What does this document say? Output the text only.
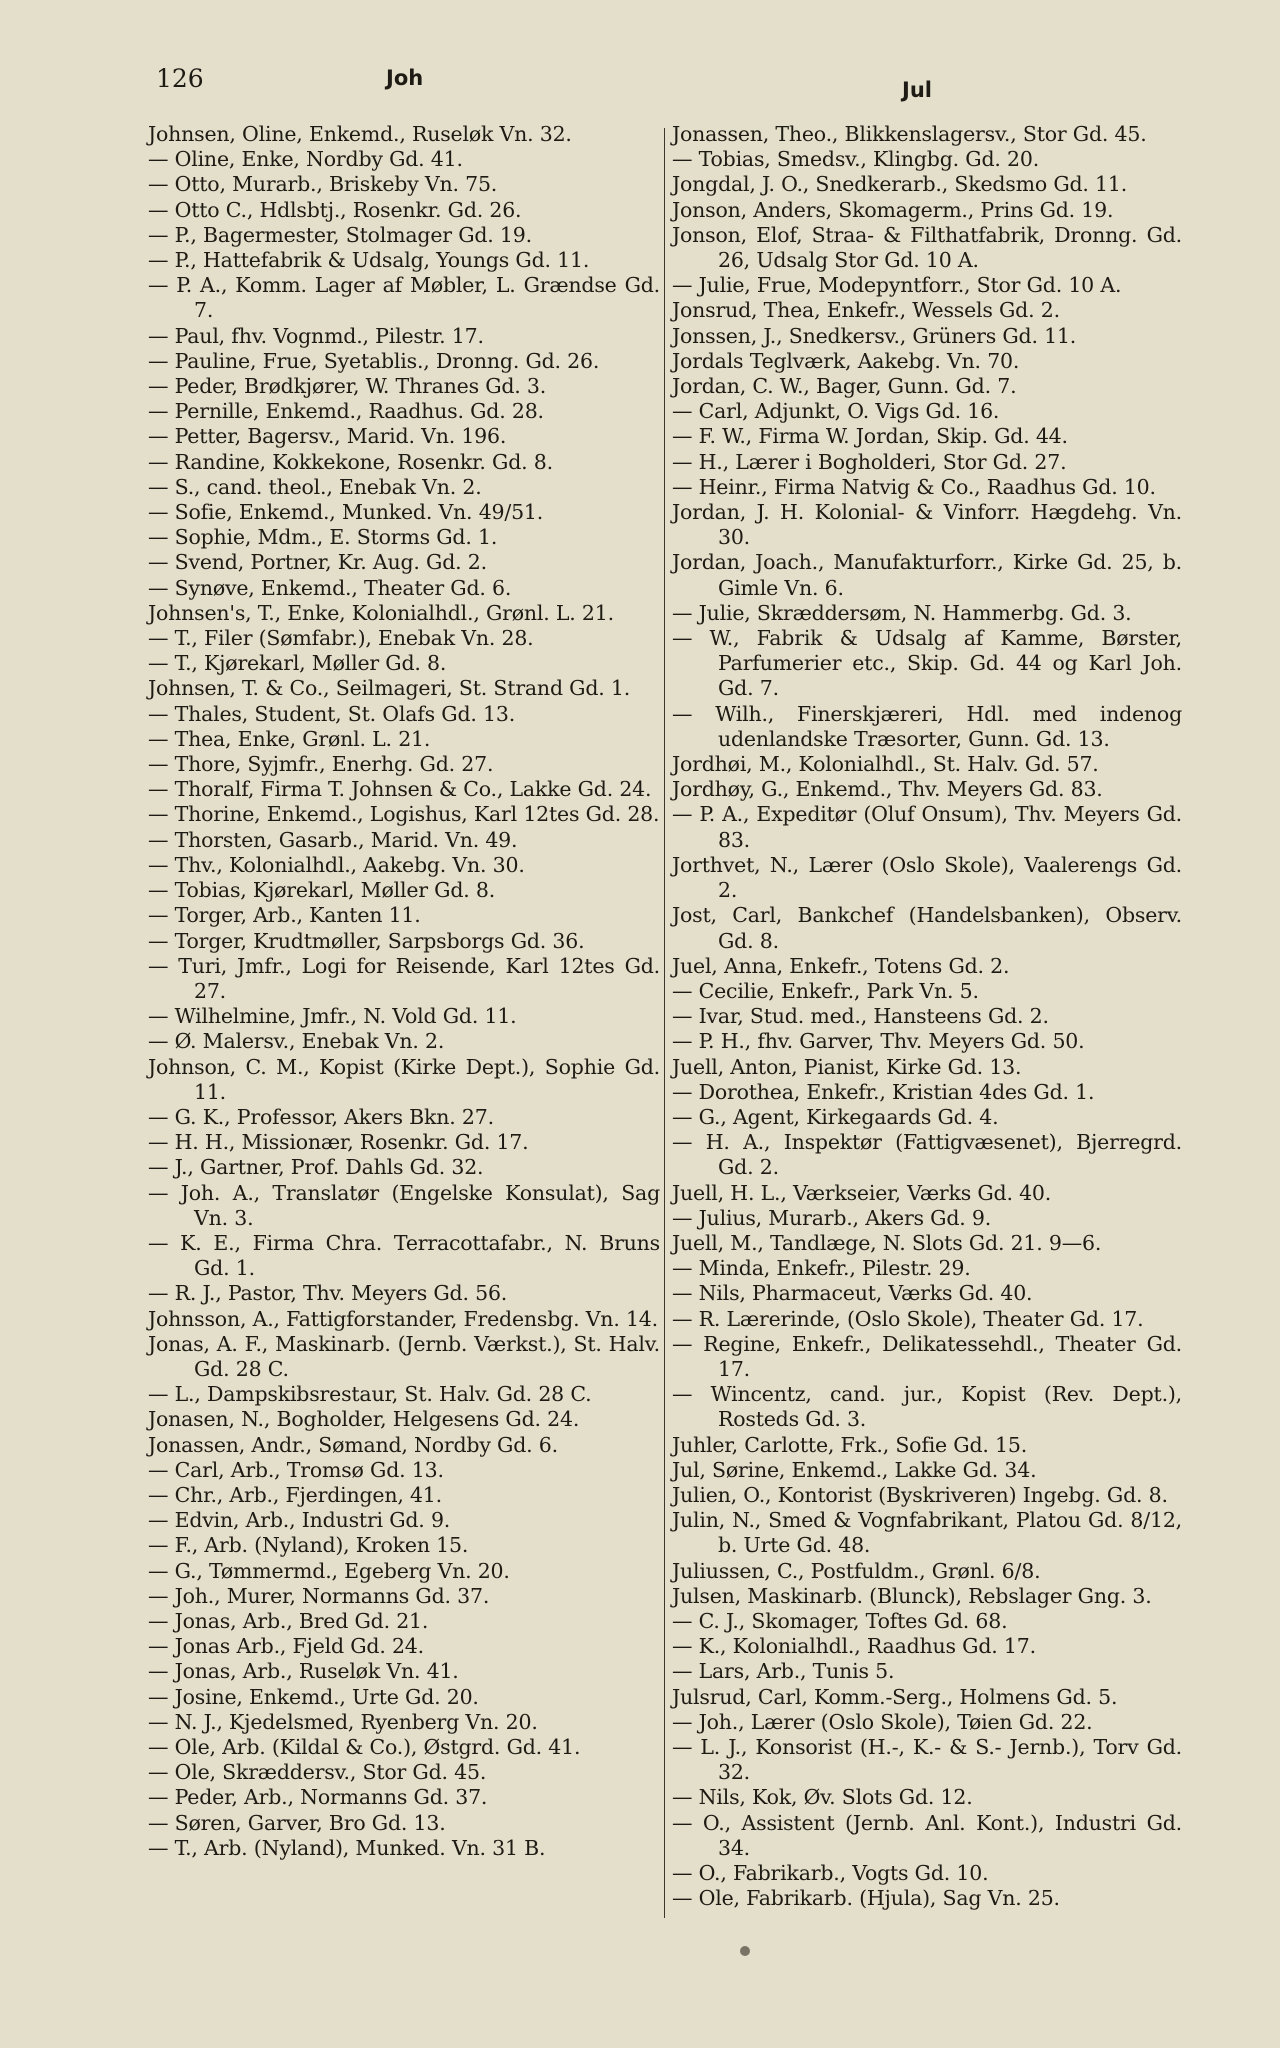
126	Joh	Jul
Johnsen, Oline, Enkemd., Ruseløk Vn. 32.
— Oline, Enke, Nordby Gd. 41.
— Otto, Murarb., Briskeby Vn. 75.
— Otto C., Hdlsbtj., Rosenkr. Gd. 26.
— P., Bagermester, Stolmager Gd. 19.
— P., Hattefabrik & Udsalg, Youngs Gd. 11.
— P. A., Komm. Lager af Møbler, L. Grændse Gd. 7.
— Paul, fhv. Vognmd., Pilestr. 17.
— Pauline, Frue, Syetablis., Dronng. Gd. 26.
— Peder, Brødkjører, W. Thranes Gd. 3.
— Pernille, Enkemd., Raadhus. Gd. 28.
— Petter, Bagersv., Marid. Vn. 196.
— Randine, Kokkekone, Rosenkr. Gd. 8.
— S., cand. theol., Enebak Vn. 2.
— Sofie, Enkemd., Munked. Vn. 49/51.
— Sophie, Mdm., E. Storms Gd. 1.
— Svend, Portner, Kr. Aug. Gd. 2.
— Synøve, Enkemd., Theater Gd. 6.
Johnsen's, T., Enke, Kolonialhdl., Grønl. L. 21.
— T., Filer (Sømfabr.), Enebak Vn. 28.
— T., Kjørekarl, Møller Gd. 8.
Johnsen, T. & Co., Seilmageri, St. Strand Gd. 1.
— Thales, Student, St. Olafs Gd. 13.
— Thea, Enke, Grønl. L. 21.
— Thore, Syjmfr., Enerhg. Gd. 27.
— Thoralf, Firma T. Johnsen & Co., Lakke Gd. 24.
— Thorine, Enkemd., Logishus, Karl 12tes Gd. 28.
— Thorsten, Gasarb., Marid. Vn. 49.
— Thv., Kolonialhdl., Aakebg. Vn. 30.
— Tobias, Kjørekarl, Møller Gd. 8.
— Torger, Arb., Kanten 11.
— Torger, Krudtmøller, Sarpsborgs Gd. 36.
— Turi, Jmfr., Logi for Reisende, Karl 12tes Gd. 27.
— Wilhelmine, Jmfr., N. Vold Gd. 11.
— Ø. Malersv., Enebak Vn. 2.
Johnson, C. M., Kopist (Kirke Dept.), Sophie Gd. 11.
— G. K., Professor, Akers Bkn. 27.
— H. H., Missionær, Rosenkr. Gd. 17.
— J., Gartner, Prof. Dahls Gd. 32.
— Joh. A., Translatør (Engelske Konsulat), Sag Vn. 3.
— K. E., Firma Chra. Terracottafabr., N. Bruns Gd. 1.
— R. J., Pastor, Thv. Meyers Gd. 56.
Johnsson, A., Fattigforstander, Fredensbg. Vn. 14.
Jonas, A. F., Maskinarb. (Jernb. Værkst.), St. Halv. Gd. 28 C.
— L., Dampskibsrestaur, St. Halv. Gd. 28 C.
Jonasen, N., Bogholder, Helgesens Gd. 24.
Jonassen, Andr., Sømand, Nordby Gd. 6.
— Carl, Arb., Tromsø Gd. 13.
— Chr., Arb., Fjerdingen, 41.
— Edvin, Arb., Industri Gd. 9.
— F., Arb. (Nyland), Kroken 15.
— G., Tømmermd., Egeberg Vn. 20.
— Joh., Murer, Normanns Gd. 37.
— Jonas, Arb., Bred Gd. 21.
— Jonas Arb., Fjeld Gd. 24.
— Jonas, Arb., Ruseløk Vn. 41.
— Josine, Enkemd., Urte Gd. 20.
— N. J., Kjedelsmed, Ryenberg Vn. 20.
— Ole, Arb. (Kildal & Co.), Østgrd. Gd. 41.
— Ole, Skræddersv., Stor Gd. 45.
— Peder, Arb., Normanns Gd. 37.
— Søren, Garver, Bro Gd. 13.
— T., Arb. (Nyland), Munked. Vn. 31 B.
Jonassen, Theo., Blikkenslagersv., Stor Gd. 45.
— Tobias, Smedsv., Klingbg. Gd. 20.
Jongdal, J. O., Snedkerarb., Skedsmo Gd. 11.
Jonson, Anders, Skomagerm., Prins Gd. 19.
Jonson, Elof, Straa- & Filthatfabrik, Dronng. Gd. 26, Udsalg Stor Gd. 10 A.
— Julie, Frue, Modepyntforr., Stor Gd. 10 A.
Jonsrud, Thea, Enkefr., Wessels Gd. 2.
Jonssen, J., Snedkersv., Grüners Gd. 11.
Jordals Teglværk, Aakebg. Vn. 70.
Jordan, C. W., Bager, Gunn. Gd. 7.
— Carl, Adjunkt, O. Vigs Gd. 16.
— F. W., Firma W. Jordan, Skip. Gd. 44.
— H., Lærer i Bogholderi, Stor Gd. 27.
— Heinr., Firma Natvig & Co., Raadhus Gd. 10.
Jordan, J. H. Kolonial- & Vinforr. Hægdehg. Vn. 30.
Jordan, Joach., Manufakturforr., Kirke Gd. 25, b. Gimle Vn. 6.
— Julie, Skræddersøm, N. Hammerbg. Gd. 3.
— W., Fabrik & Udsalg af Kamme, Børster, Parfumerier etc., Skip. Gd. 44 og Karl Joh. Gd. 7.
— Wilh., Finerskjæreri, Hdl. med indenog udenlandske Træsorter, Gunn. Gd. 13.
Jordhøi, M., Kolonialhdl., St. Halv. Gd. 57.
Jordhøy, G., Enkemd., Thv. Meyers Gd. 83.
— P. A., Expeditør (Oluf Onsum), Thv. Meyers Gd. 83.
Jorthvet, N., Lærer (Oslo Skole), Vaalerengs Gd. 2.
Jost, Carl, Bankchef (Handelsbanken), Observ. Gd. 8.
Juel, Anna, Enkefr., Totens Gd. 2.
— Cecilie, Enkefr., Park Vn. 5.
— Ivar, Stud. med., Hansteens Gd. 2.
— P. H., fhv. Garver, Thv. Meyers Gd. 50.
Juell, Anton, Pianist, Kirke Gd. 13.
— Dorothea, Enkefr., Kristian 4des Gd. 1.
— G., Agent, Kirkegaards Gd. 4.
— H. A., Inspektør (Fattigvæsenet), Bjerregrd. Gd. 2.
Juell, H. L., Værkseier, Værks Gd. 40.
— Julius, Murarb., Akers Gd. 9.
Juell, M., Tandlæge, N. Slots Gd. 21. 9—6.
— Minda, Enkefr., Pilestr. 29.
— Nils, Pharmaceut, Værks Gd. 40.
— R. Lærerinde, (Oslo Skole), Theater Gd. 17.
— Regine, Enkefr., Delikatessehdl., Theater Gd. 17.
— Wincentz, cand. jur., Kopist (Rev. Dept.), Rosteds Gd. 3.
Juhler, Carlotte, Frk., Sofie Gd. 15.
Jul, Sørine, Enkemd., Lakke Gd. 34.
Julien, O., Kontorist (Byskriveren) Ingebg. Gd. 8.
Julin, N., Smed & Vognfabrikant, Platou Gd. 8/12, b. Urte Gd. 48.
Juliussen, C., Postfuldm., Grønl. 6/8.
Julsen, Maskinarb. (Blunck), Rebslager Gng. 3.
— C. J., Skomager, Toftes Gd. 68.
— K., Kolonialhdl., Raadhus Gd. 17.
— Lars, Arb., Tunis 5.
Julsrud, Carl, Komm.-Serg., Holmens Gd. 5.
— Joh., Lærer (Oslo Skole), Tøien Gd. 22.
— L. J., Konsorist (H.-, K.- & S.- Jernb.), Torv Gd. 32.
— Nils, Kok, Øv. Slots Gd. 12.
— O., Assistent (Jernb. Anl. Kont.), Industri Gd. 34.
— O., Fabrikarb., Vogts Gd. 10.
— Ole, Fabrikarb. (Hjula), Sag Vn. 25.
